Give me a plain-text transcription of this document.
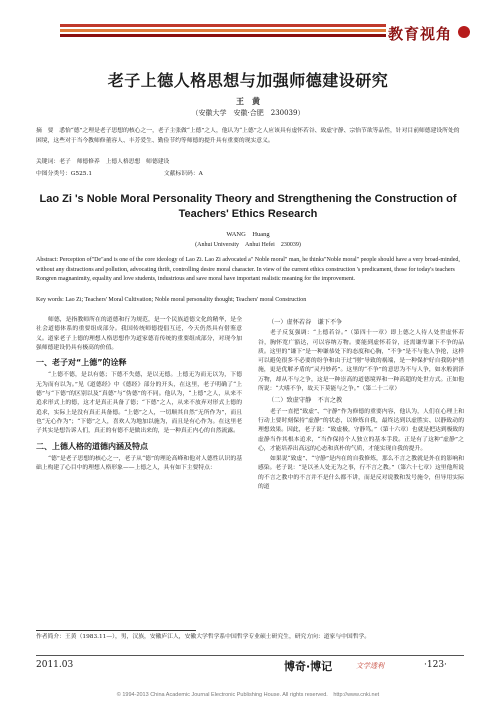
教育视角
老子上德人格思想与加强师德建设研究
王　黄
（安徽大学　安徽·合肥　230039）
摘　要　悉怡“德”之理是老子思想的核心之一，老子主张做“上德”之人，他认为“上德”之人应该具有虚怀若谷、致虚守静、宗怡节欲等品性，针对目前师德建设所处的困境，这些对于当今教师修董容人、丰芳爱生、勤俭节约等师德的提升具有重要的现实意义。
关键词：老子　师德修养　上德人格思想　师德建设
中图分类号：G525.1	文献标识码：A
Lao Zi 's Noble Moral Personality Theory and Strengthening the Construction of Teachers' Ethics Research
WANG　Huang
(Anhui University　Anhui Hefei　230039)
Abstract: Perception of"De"and is one of the core ideology of Lao Zi. Lao Zi advocated a" Noble moral" man, he thinks"Noble moral" people should have a very broad-minded, without any distractions and pollution, advocating thrift, controlling desire moral character. In view of the current ethics construction 's predicament, those for today's teachers Rongren magnanimity, equality and love students, industrious and save moral have important realistic meaning for the improvement.
Key words: Lao Zi; Teachers' Moral Cultivation; Noble moral personality thought; Teachers' moral Construction

师德，是指教师所在的道德和行为规范，是一个民族道德文化的精华，是全社会道德体系的重要组成部分。我国传统师德提倡互还，今天仍然具有借鉴意义。道家老子上德的理想人格思想作为道家德育传统的重要组成部分，对现今加强师德建设仍具有极高的价值。

一、老子对“上德”的诠释

“上德不德，是以有德；下德不失德，是以无德。上德无为而无以为，下德无为而有以为。”见《道德经》中《德经》部分的开头，在这里，老子明确了“上德”与“下德”的区别以及“真德”与“伪德”的不同。他认为，“上德”之人，从来不追求形式上的德，这才是真正具备了德；“下德”之人，从来不放弃对形式上德的追求，实际上是没有真正具备德。“上德”之人，一切顺其自然“无所作为”，而且也“无心作为”；“下德”之人，喜欢人为地加以施为，而且是有心作为。在这里老子其实是想告诉人们，真正的有德不是做出来的，是一种真正内心的自然流露。

二、上德人格的道德内涵及特点

“德”是老子思想的核心之一，老子从“德”的理论高峰和他对人德性认识的基础上构建了心目中的理想人格形象——上德之人，具有如下主要特点：

（一）虚怀若谷　谦下不争

老子反复强调：“上德若谷。”（第四十一章）即上德之人待人处世虚怀若谷，胸怀宽广豁达，可以容纳万物。要能到虚怀若谷，还需谦卑谦下不争的品质。这里的“谦下”是一种谦恭处下的态度和心胸，“不争”是不与他人争抢，这样可以避免很多不必要的纷争和由于过“刚”导致的祸端，是一种保护好自我防护措施，更是优解矛盾的“灵丹妙药”。这里的“不争”的意思为不与人争，如水般润泽万物，却从不与之争，这是一种崇高的道德境界和一种高超的处世方式。正如他所说：“大嗜不争，故天下莫能与之争。”（第二十二章）

（二）致虚守静　不言之教

老子一直把“致虚”、“守静”作为修德的重要内容，他认为，人们在心理上和行动上要时刻保持“虚静”的状态，以修炼自我，最终达到以虚胜实、以静致动的理想效果。因此，老子说：“致虚极，守静笃。”（第十六章）也就是把达到极致的虚静当作其根本追求，“当作保持个人独立的基本手段。正是有了这种“虚静”之心，才能培养出高远的心态和真朴的气质，才能实现自我的提升。

如果说“致虚”、“守静”是内在的自我修炼，那么不言之教就是外在的影响和感染。老子说：“是以圣人处无为之事，行不言之教。”（第六十七章）这里他所说的不言之教中的不言并不是什么都不讲，而是反对说教和发号施令，但导用实际的道

作者简介：王黄（1983.11—），男，汉族，安徽庐江人，安徽大学哲学系中国哲学专业硕士研究生，研究方向：道家与中国哲学。
2011.03	博奇·博记	文学透利	·123·
© 1994-2013 China Academic Journal Electronic Publishing House. All rights reserved.　http://www.cnki.net
